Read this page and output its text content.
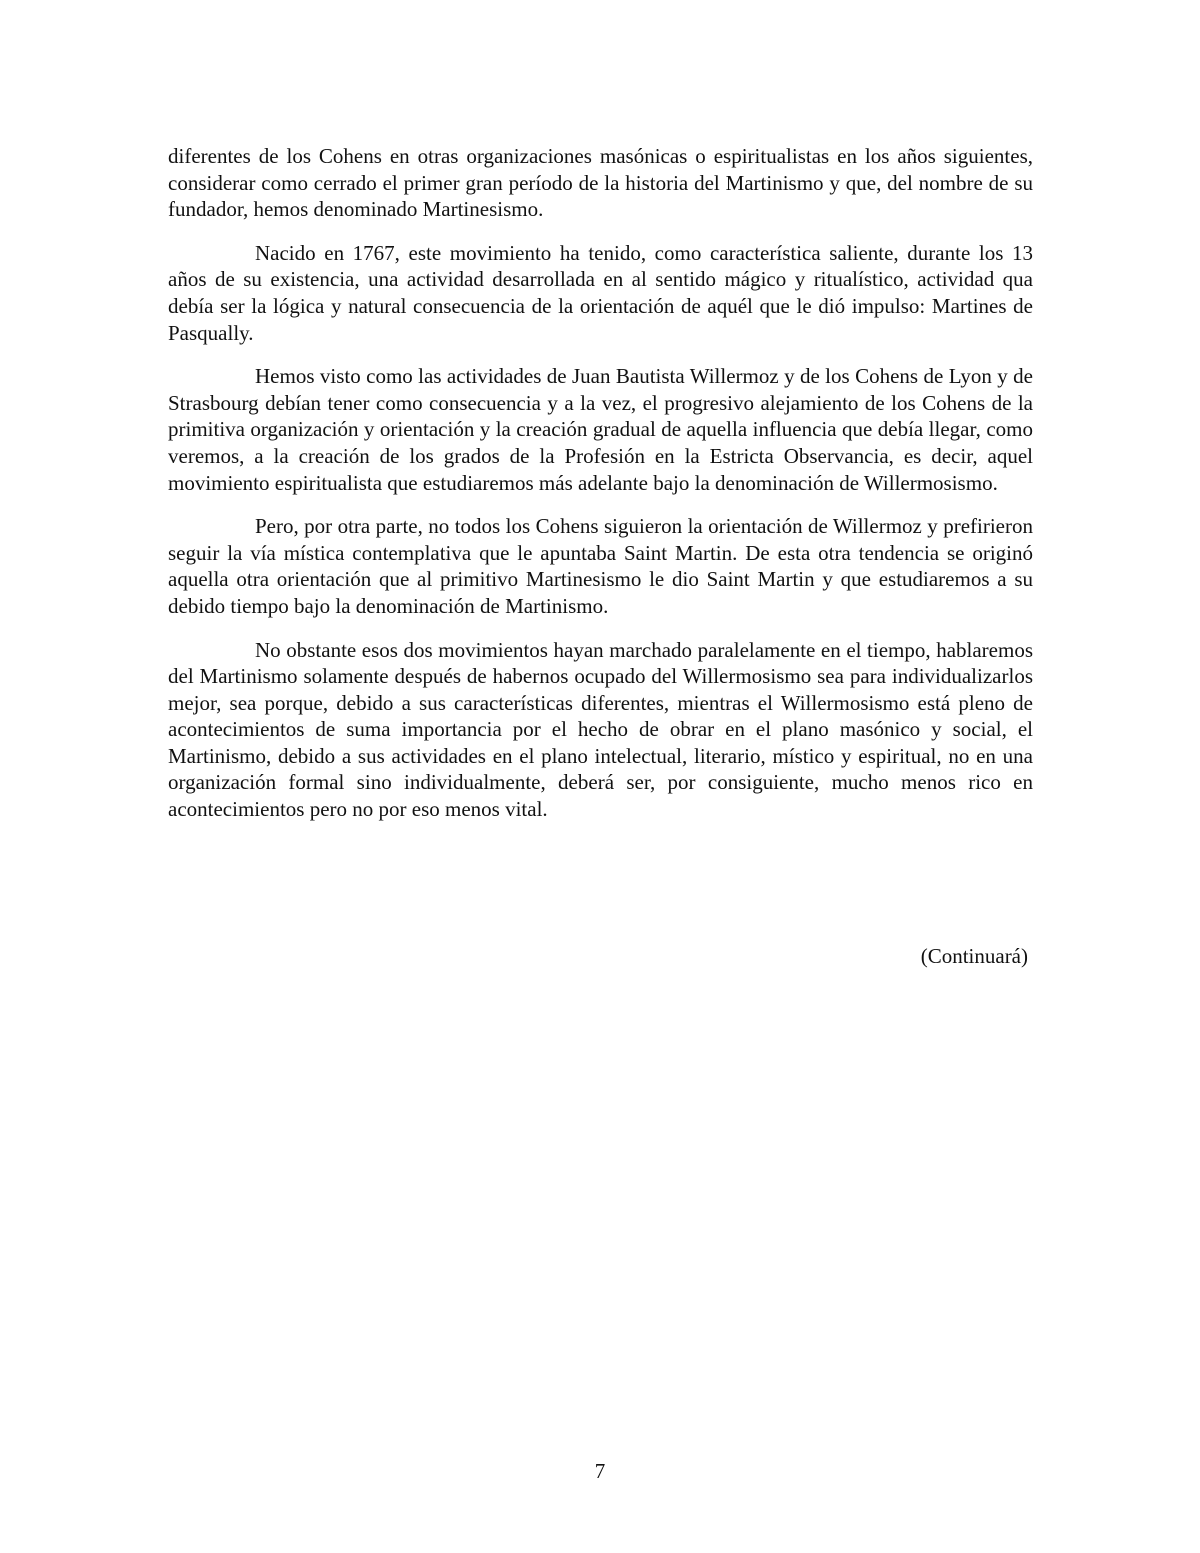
diferentes de los Cohens en otras organizaciones masónicas o espiritualistas en los años siguientes, considerar como cerrado el primer gran período de la historia del Martinismo y que, del nombre de su fundador, hemos denominado Martinesismo.

Nacido en 1767, este movimiento ha tenido, como característica saliente, durante los 13 años de su existencia, una actividad desarrollada en al sentido mágico y ritualístico, actividad qua debía ser la lógica y natural consecuencia de la orientación de aquél que le dió impulso: Martines de Pasqually.

Hemos visto como las actividades de Juan Bautista Willermoz y de los Cohens de Lyon y de Strasbourg debían tener como consecuencia y a la vez, el progresivo alejamiento de los Cohens de la primitiva organización y orientación y la creación gradual de aquella influencia que debía llegar, como veremos, a la creación de los grados de la Profesión en la Estricta Observancia, es decir, aquel movimiento espiritualista que estudiaremos más adelante bajo la denominación de Willermosismo.

Pero, por otra parte, no todos los Cohens siguieron la orientación de Willermoz y prefirieron seguir la vía mística contemplativa que le apuntaba Saint Martin. De esta otra tendencia se originó aquella otra orientación que al primitivo Martinesismo le dio Saint Martin y que estudiaremos a su debido tiempo bajo la denominación de Martinismo.

No obstante esos dos movimientos hayan marchado paralelamente en el tiempo, hablaremos del Martinismo solamente después de habernos ocupado del Willermosismo sea para individualizarlos mejor, sea porque, debido a sus características diferentes, mientras el Willermosismo está pleno de acontecimientos de suma importancia por el hecho de obrar en el plano masónico y social, el Martinismo, debido a sus actividades en el plano intelectual, literario, místico y espiritual, no en una organización formal sino individualmente, deberá ser, por consiguiente, mucho menos rico en acontecimientos pero no por eso menos vital.

(Continuará)
7
